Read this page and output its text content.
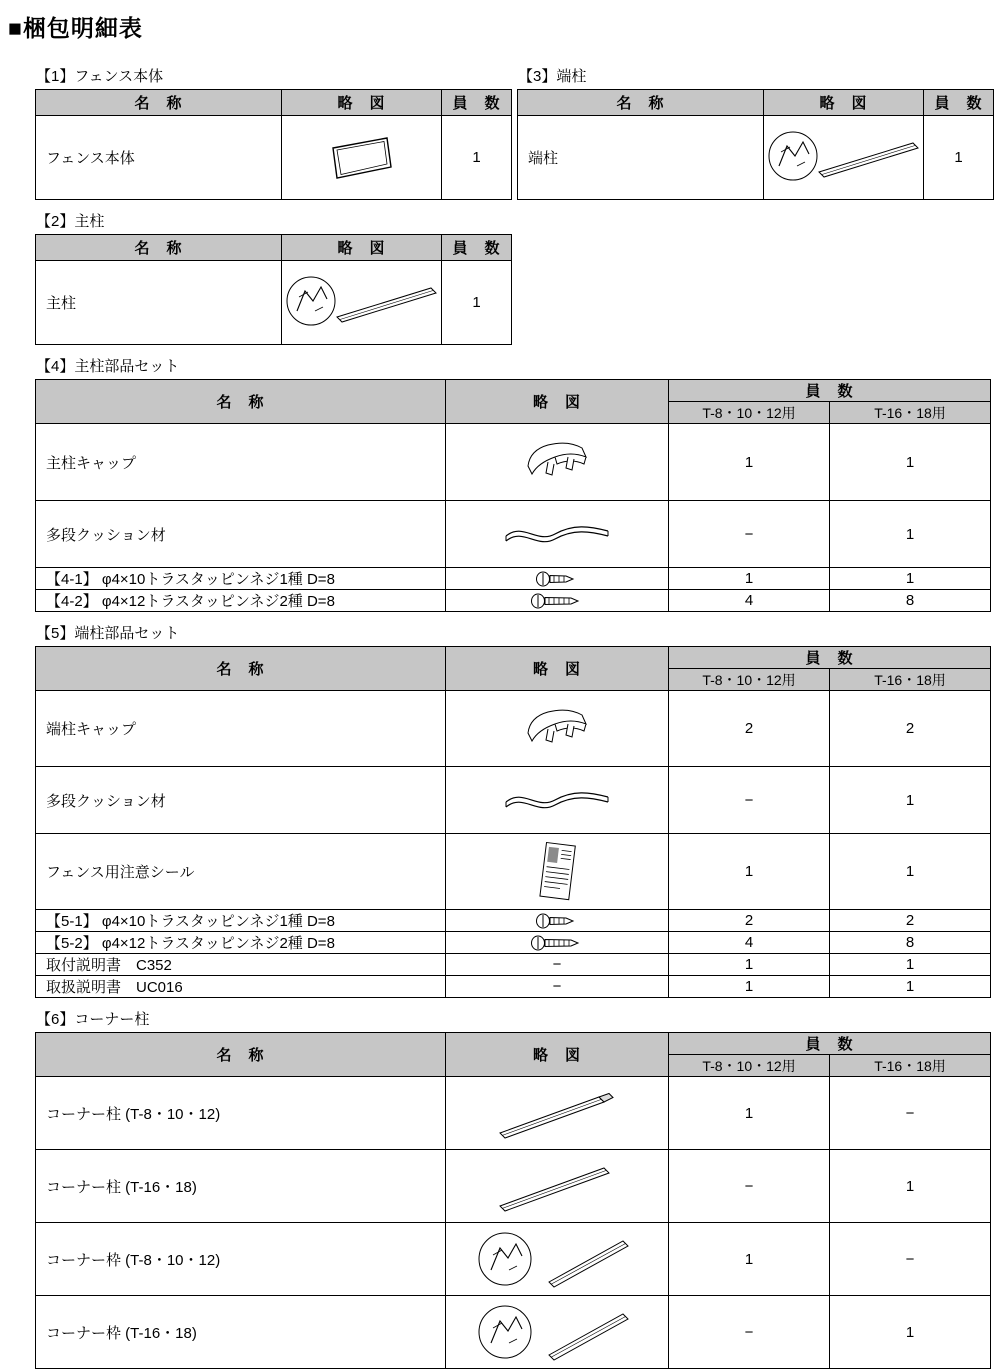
■梱包明細表
【1】フェンス本体
名　称	略　図	員　数
フェンス本体		1
【3】端柱
名　称	略　図	員　数
端柱		1
【2】主柱
名　称	略　図	員　数
主柱		1
【4】主柱部品セット
名　称	略　図	員　数	
		T-8・10・12用	T-16・18用
主柱キャップ		1	1
多段クッション材		−	1
【4-1】 φ4×10トラスタッピンネジ1種 D=8		1	1
【4-2】 φ4×12トラスタッピンネジ2種 D=8		4	8
【5】端柱部品セット
名　称	略　図	員　数	
		T-8・10・12用	T-16・18用
端柱キャップ		2	2
多段クッション材		−	1
フェンス用注意シール		1	1
【5-1】 φ4×10トラスタッピンネジ1種 D=8		2	2
【5-2】 φ4×12トラスタッピンネジ2種 D=8		4	8
取付説明書　C352	−	1	1
取扱説明書　UC016	−	1	1
【6】コーナー柱
名　称	略　図	員　数	
		T-8・10・12用	T-16・18用
コーナー柱 (T-8・10・12)		1	−
コーナー柱 (T-16・18)		−	1
コーナー枠 (T-8・10・12)		1	−
コーナー枠 (T-16・18)		−	1
